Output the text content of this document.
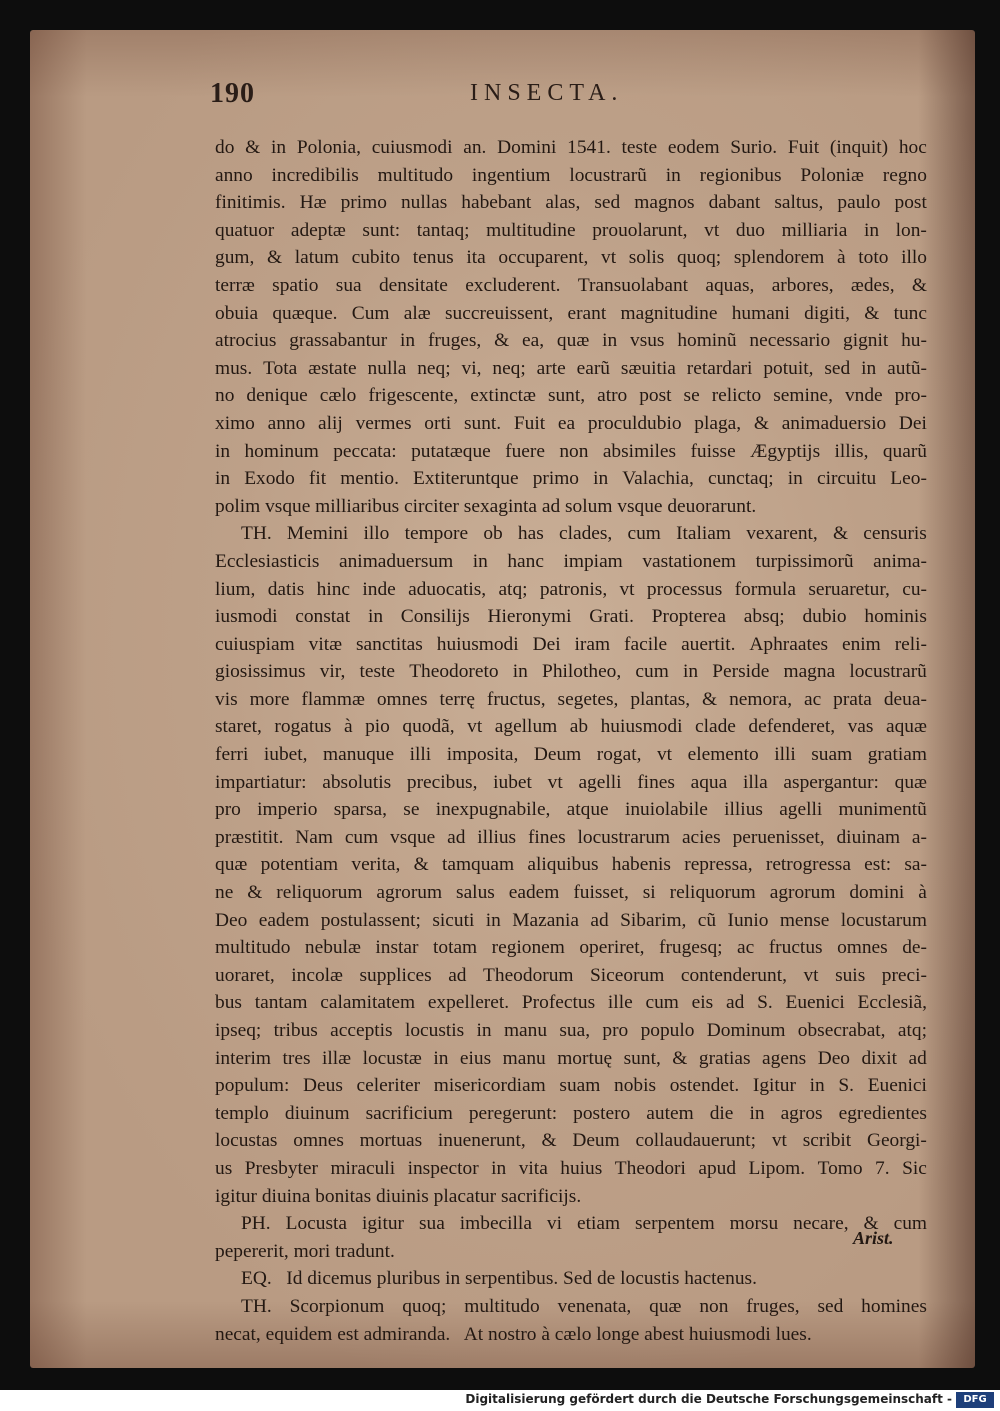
190	INSECTA.
do & in Polonia, cuiusmodi an. Domini 1541. teste eodem Surio. Fuit (inquit) hoc
anno incredibilis multitudo ingentium locustrarũ in regionibus Poloniæ regno
finitimis. Hæ primo nullas habebant alas, sed magnos dabant saltus, paulo post
quatuor adeptæ sunt: tantaq; multitudine prouolarunt, vt duo milliaria in lon-
gum, & latum cubito tenus ita occuparent, vt solis quoq; splendorem à toto illo
terræ spatio sua densitate excluderent. Transuolabant aquas, arbores, ædes, &
obuia quæque. Cum alæ succreuissent, erant magnitudine humani digiti, & tunc
atrocius grassabantur in fruges, & ea, quæ in vsus hominũ necessario gignit hu-
mus. Tota æstate nulla neq; vi, neq; arte earũ sæuitia retardari potuit, sed in autũ-
no denique cælo frigescente, extinctæ sunt, atro post se relicto semine, vnde pro-
ximo anno alij vermes orti sunt. Fuit ea proculdubio plaga, & animaduersio Dei
in hominum peccata: putatæque fuere non absimiles fuisse Ægyptijs illis, quarũ
in Exodo fit mentio. Extiteruntque primo in Valachia, cunctaq; in circuitu Leo-
polim vsque milliaribus circiter sexaginta ad solum vsque deuorarunt.
TH. Memini illo tempore ob has clades, cum Italiam vexarent, & censuris
Ecclesiasticis animaduersum in hanc impiam vastationem turpissimorũ anima-
lium, datis hinc inde aduocatis, atq; patronis, vt processus formula seruaretur, cu-
iusmodi constat in Consilijs Hieronymi Grati. Propterea absq; dubio hominis
cuiuspiam vitæ sanctitas huiusmodi Dei iram facile auertit. Aphraates enim reli-
giosissimus vir, teste Theodoreto in Philotheo, cum in Perside magna locustrarũ
vis more flammæ omnes terrę fructus, segetes, plantas, & nemora, ac prata deua-
staret, rogatus à pio quodã, vt agellum ab huiusmodi clade defenderet, vas aquæ
ferri iubet, manuque illi imposita, Deum rogat, vt elemento illi suam gratiam
impartiatur: absolutis precibus, iubet vt agelli fines aqua illa aspergantur: quæ
pro imperio sparsa, se inexpugnabile, atque inuiolabile illius agelli munimentũ
præstitit. Nam cum vsque ad illius fines locustrarum acies peruenisset, diuinam a-
quæ potentiam verita, & tamquam aliquibus habenis repressa, retrogressa est: sa-
ne & reliquorum agrorum salus eadem fuisset, si reliquorum agrorum domini à
Deo eadem postulassent; sicuti in Mazania ad Sibarim, cũ Iunio mense locustarum
multitudo nebulæ instar totam regionem operiret, frugesq; ac fructus omnes de-
uoraret, incolæ supplices ad Theodorum Siceorum contenderunt, vt suis preci-
bus tantam calamitatem expelleret. Profectus ille cum eis ad S. Euenici Ecclesiã,
ipseq; tribus acceptis locustis in manu sua, pro populo Dominum obsecrabat, atq;
interim tres illæ locustæ in eius manu mortuę sunt, & gratias agens Deo dixit ad
populum: Deus celeriter misericordiam suam nobis ostendet. Igitur in S. Euenici
templo diuinum sacrificium peregerunt: postero autem die in agros egredientes
locustas omnes mortuas inuenerunt, & Deum collaudauerunt; vt scribit Georgi-
us Presbyter miraculi inspector in vita huius Theodori apud Lipom. Tomo 7. Sic
igitur diuina bonitas diuinis placatur sacrificijs.
PH. Locusta igitur sua imbecilla vi etiam serpentem morsu necare, & cum
pepererit, mori tradunt.
EQ.   Id dicemus pluribus in serpentibus. Sed de locustis hactenus.
TH. Scorpionum quoq; multitudo venenata, quæ non fruges, sed homines
necat, equidem est admiranda.   At nostro à cælo longe abest huiusmodi lues.
Arist.
Digitalisierung gefördert durch die Deutsche Forschungsgemeinschaft -	DFG
